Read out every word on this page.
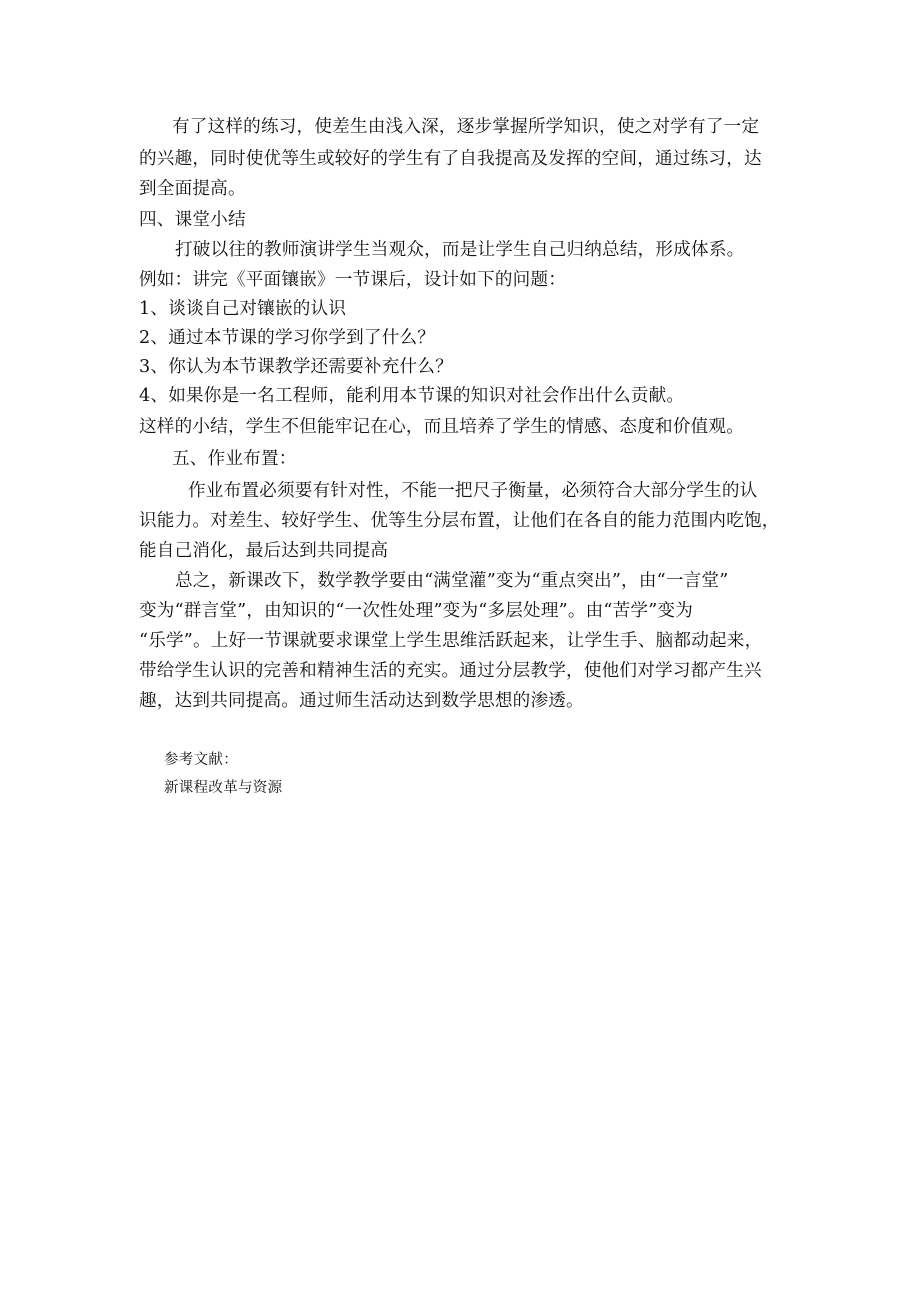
有了这样的练习，使差生由浅入深，逐步掌握所学知识，使之对学有了一定
的兴趣，同时使优等生或较好的学生有了自我提高及发挥的空间，通过练习，达
到全面提高。
四、课堂小结
打破以往的教师演讲学生当观众，而是让学生自己归纳总结，形成体系。
例如：讲完《平面镶嵌》一节课后，设计如下的问题：
1、谈谈自己对镶嵌的认识
2、通过本节课的学习你学到了什么？
3、你认为本节课教学还需要补充什么？
4、如果你是一名工程师，能利用本节课的知识对社会作出什么贡献。
这样的小结，学生不但能牢记在心，而且培养了学生的情感、态度和价值观。
五、作业布置：
作业布置必须要有针对性，不能一把尺子衡量，必须符合大部分学生的认
识能力。对差生、较好学生、优等生分层布置，让他们在各自的能力范围内吃饱，
能自己消化，最后达到共同提高
总之，新课改下，数学教学要由“满堂灌”变为“重点突出”，由“一言堂”
变为“群言堂”，由知识的“一次性处理”变为“多层处理”。由“苦学”变为
“乐学”。上好一节课就要求课堂上学生思维活跃起来，让学生手、脑都动起来，
带给学生认识的完善和精神生活的充实。通过分层教学，使他们对学习都产生兴
趣，达到共同提高。通过师生活动达到数学思想的渗透。
参考文献：
新课程改革与资源
